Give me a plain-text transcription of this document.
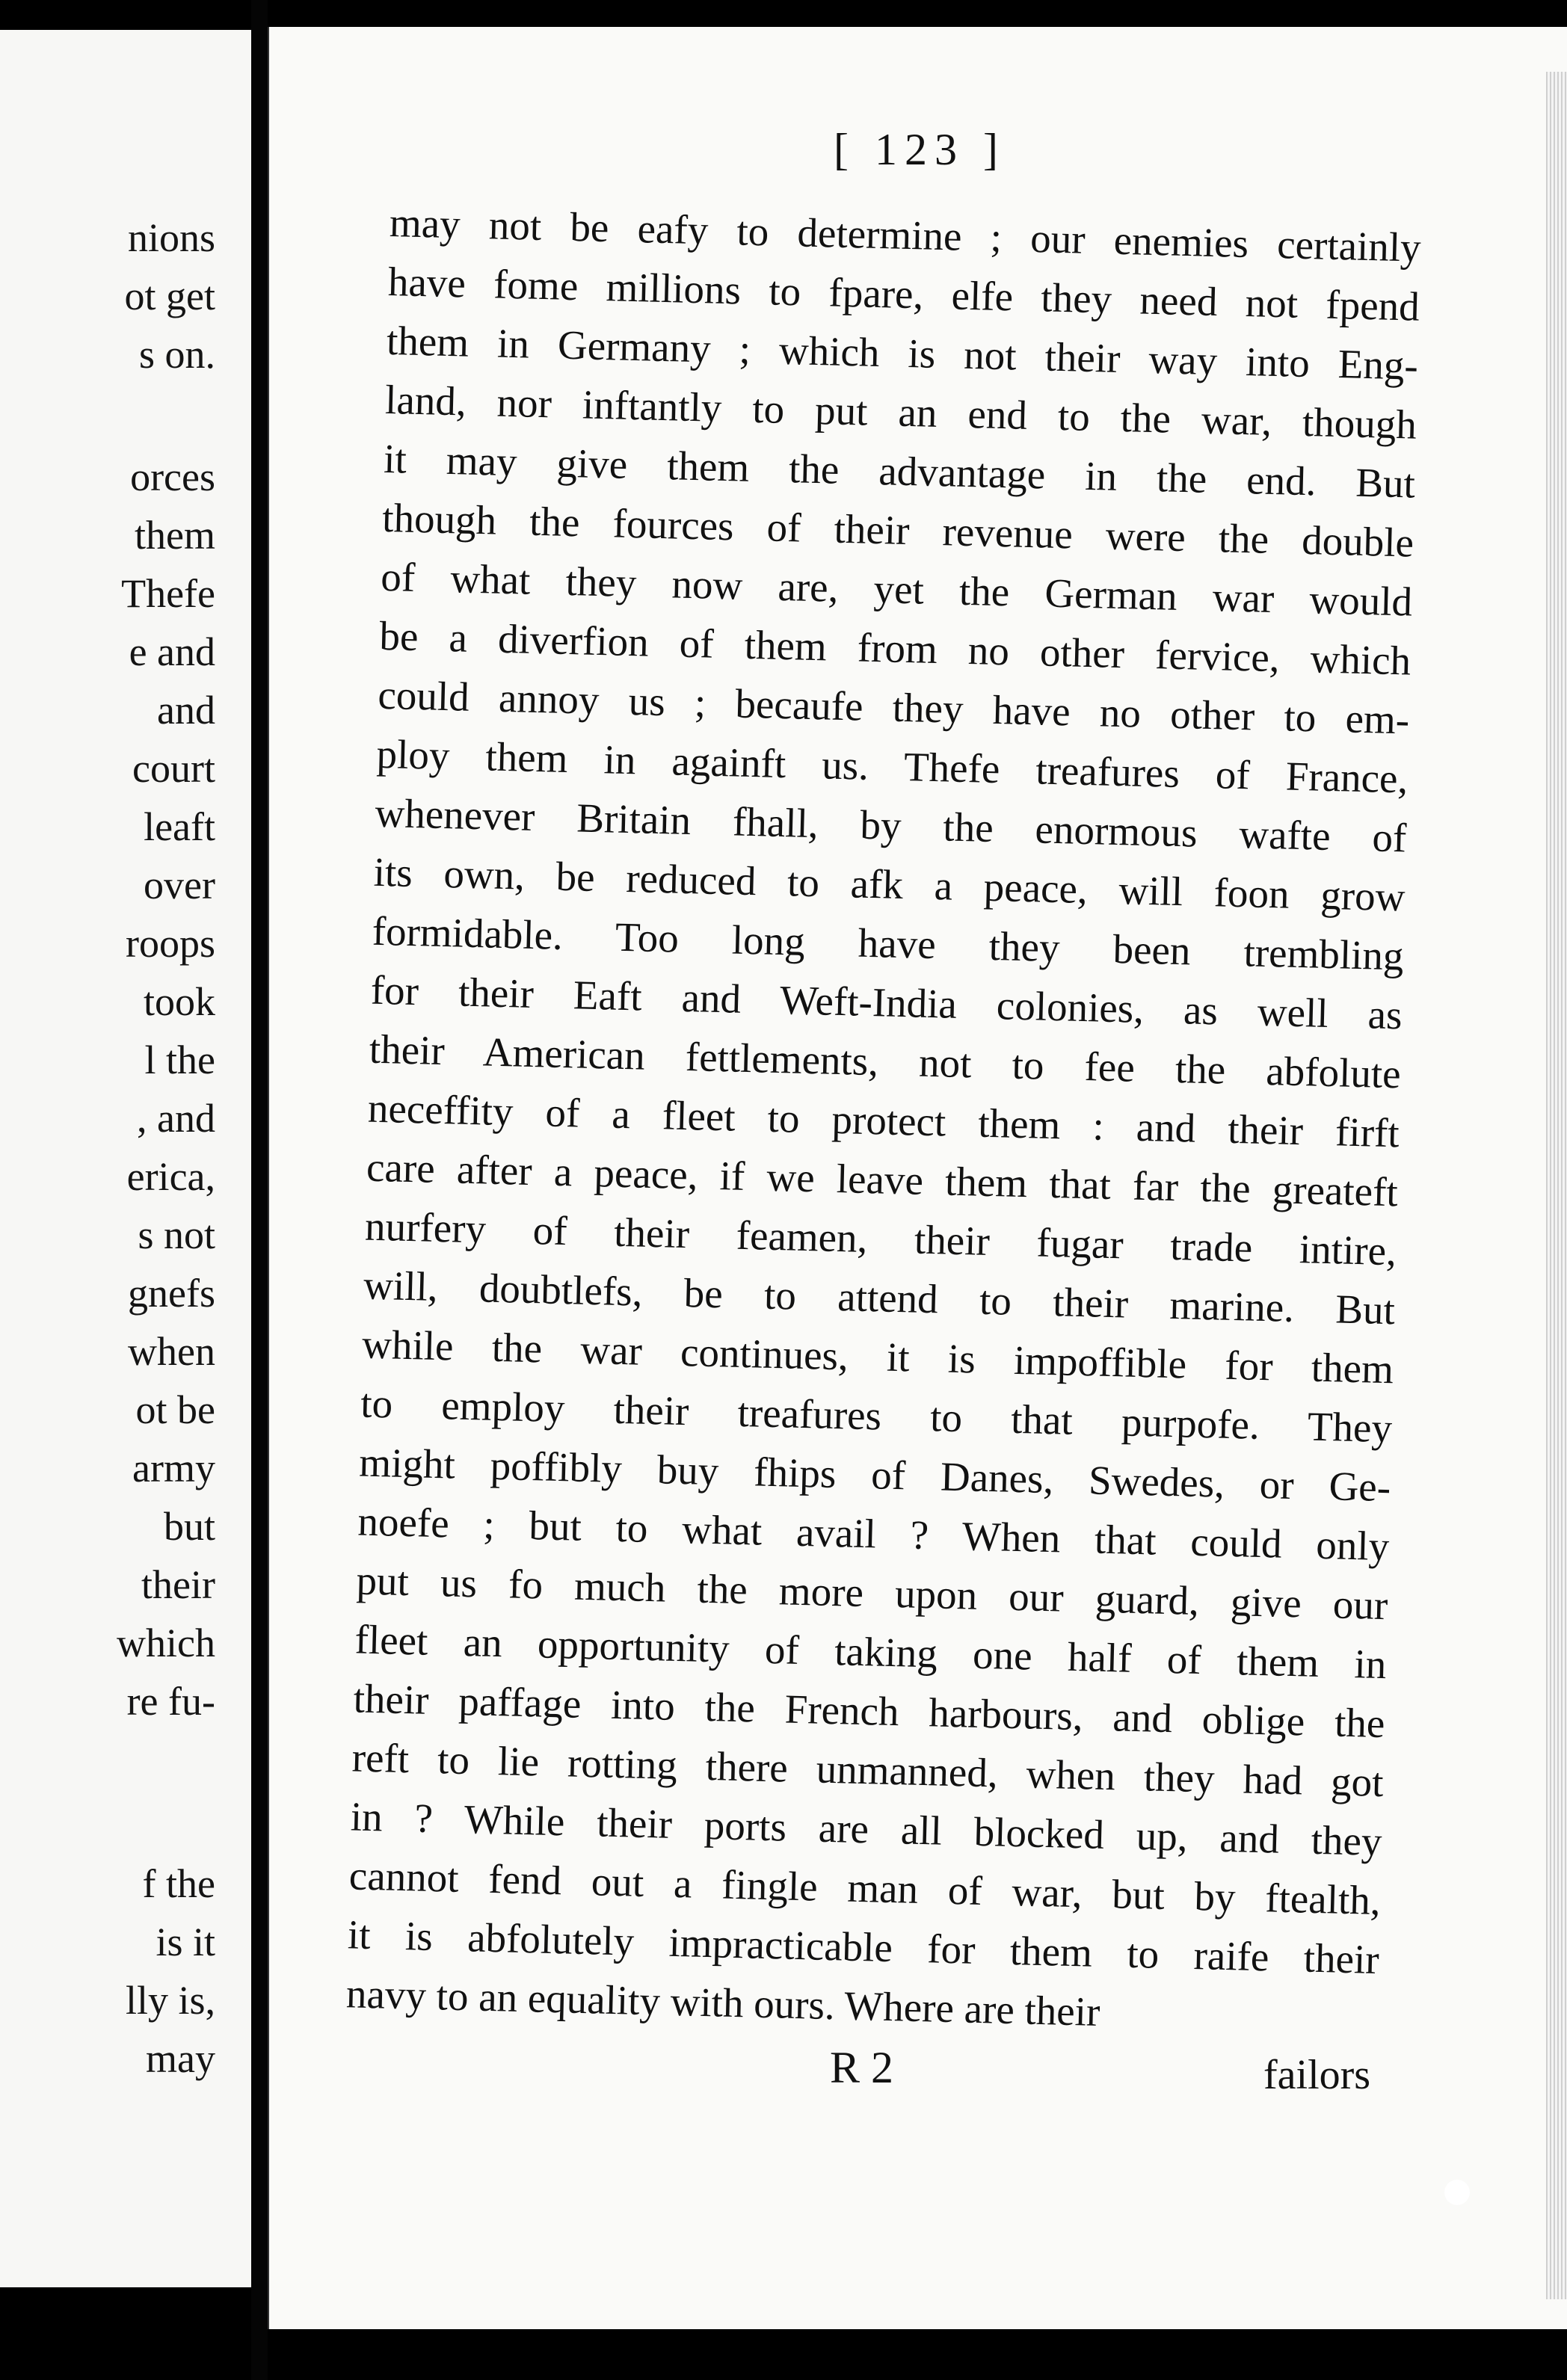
nions

ot get

s on.

orces

them

Thefe

e and

and

court

leaft

over

roops

took

l the

, and

erica,

s not

gnefs

when

ot be

army

but

their

which

re fu-

f the

is it

lly is,

may

[ 123 ]
may not be eafy to determine ; our enemies certainly
have fome millions to fpare, elfe they need not fpend
them in Germany ; which is not their way into Eng-
land, nor inftantly to put an end to the war, though
it may give them the advantage in the end. But
though the fources of their revenue were the double
of what they now are, yet the German war would
be a diverfion of them from no other fervice, which
could annoy us ; becaufe they have no other to em-
ploy them in againft us. Thefe treafures of France,
whenever Britain fhall, by the enormous wafte of
its own, be reduced to afk a peace, will foon grow
formidable. Too long have they been trembling
for their Eaft and Weft-India colonies, as well as
their American fettlements, not to fee the abfolute
neceffity of a fleet to protect them : and their firft
care after a peace, if we leave them that far the greateft
nurfery of their feamen, their fugar trade intire,
will, doubtlefs, be to attend to their marine. But
while the war continues, it is impoffible for them
to employ their treafures to that purpofe. They
might poffibly buy fhips of Danes, Swedes, or Ge-
noefe ; but to what avail ? When that could only
put us fo much the more upon our guard, give our
fleet an opportunity of taking one half of them in
their paffage into the French harbours, and oblige the
reft to lie rotting there unmanned, when they had got
in ? While their ports are all blocked up, and they
cannot fend out a fingle man of war, but by ftealth,
it is abfolutely impracticable for them to raife their
navy to an equality with ours. Where are their
R 2	failors
